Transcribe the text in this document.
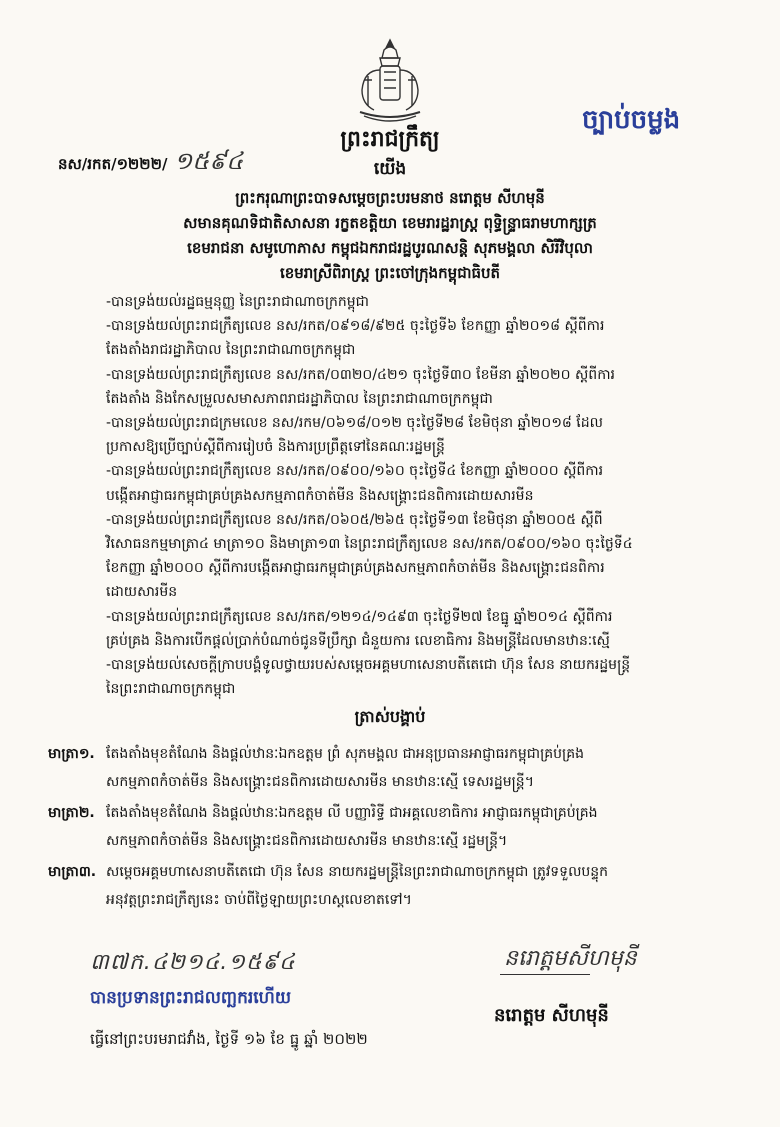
ច្បាប់ចម្លង
ព្រះរាជក្រឹត្យ
នស/រកត/១២២២/ ១៥៩៤	យើង
ព្រះករុណាព្រះបាទសម្ដេចព្រះបរមនាថ នរោត្តម សីហមុនី
សមានគុណទិជាតិសាសនា រក្ខតខត្តិយា ខេមរារដ្ឋរាស្ត្រ ពុទ្ធិន្ទ្រាធរាមហាក្សត្រ
ខេមរាជនា សមូហោភាស កម្ពុជឯករាជរដ្ឋបូរណសន្តិ សុភមង្គលា សិរីវិបុលា
ខេមរាស្រីពិរាស្ត្រ ព្រះចៅក្រុងកម្ពុជាធិបតី

-បានទ្រង់យល់រដ្ឋធម្មនុញ្ញ នៃព្រះរាជាណាចក្រកម្ពុជា

-បានទ្រង់យល់ព្រះរាជក្រឹត្យលេខ នស/រកត/០៩១៨/៩២៥ ចុះថ្ងៃទី៦ ខែកញ្ញា ឆ្នាំ២០១៨ ស្តីពីការ

តែងតាំងរាជរដ្ឋាភិបាល នៃព្រះរាជាណាចក្រកម្ពុជា

-បានទ្រង់យល់ព្រះរាជក្រឹត្យលេខ នស/រកត/០៣២០/៤២១ ចុះថ្ងៃទី៣០ ខែមីនា ឆ្នាំ២០២០ ស្តីពីការ

តែងតាំង និងកែសម្រួលសមាសភាពរាជរដ្ឋាភិបាល នៃព្រះរាជាណាចក្រកម្ពុជា

-បានទ្រង់យល់ព្រះរាជក្រមលេខ នស/រកម/០៦១៨/០១២ ចុះថ្ងៃទី២៨ ខែមិថុនា ឆ្នាំ២០១៨ ដែល

ប្រកាសឱ្យប្រើច្បាប់ស្តីពីការរៀបចំ និងការប្រព្រឹត្តទៅនៃគណៈរដ្ឋមន្ត្រី

-បានទ្រង់យល់ព្រះរាជក្រឹត្យលេខ នស/រកត/០៩០០/១៦០ ចុះថ្ងៃទី៤ ខែកញ្ញា ឆ្នាំ២០០០ ស្តីពីការ

បង្កើតអាជ្ញាធរកម្ពុជាគ្រប់គ្រងសកម្មភាពកំចាត់មីន និងសង្គ្រោះជនពិការដោយសារមីន

-បានទ្រង់យល់ព្រះរាជក្រឹត្យលេខ នស/រកត/០៦០៥/២៦៥ ចុះថ្ងៃទី១៣ ខែមិថុនា ឆ្នាំ២០០៥ ស្តីពី

វិសោធនកម្មមាត្រា៤ មាត្រា១០ និងមាត្រា១៣ នៃព្រះរាជក្រឹត្យលេខ នស/រកត/០៩០០/១៦០ ចុះថ្ងៃទី៤

ខែកញ្ញា ឆ្នាំ២០០០ ស្តីពីការបង្កើតអាជ្ញាធរកម្ពុជាគ្រប់គ្រងសកម្មភាពកំចាត់មីន និងសង្គ្រោះជនពិការ

ដោយសារមីន

-បានទ្រង់យល់ព្រះរាជក្រឹត្យលេខ នស/រកត/១២១៤/១៤៩៣ ចុះថ្ងៃទី២៧ ខែធ្នូ ឆ្នាំ២០១៤ ស្តីពីការ

គ្រប់គ្រង និងការបើកផ្តល់ប្រាក់បំណាច់ជូនទីប្រឹក្សា ជំនួយការ លេខាធិការ និងមន្ត្រីដែលមានឋានៈស្មើ

-បានទ្រង់យល់សេចក្តីក្រាបបង្គំទូលថ្វាយរបស់សម្តេចអគ្គមហាសេនាបតីតេជោ ហ៊ុន សែន នាយករដ្ឋមន្ត្រី

នៃព្រះរាជាណាចក្រកម្ពុជា

ត្រាស់បង្គាប់
មាត្រា១. តែងតាំងមុខតំណែង និងផ្តល់ឋានៈឯកឧត្តម ព្រំ សុភមង្គល ជាអនុប្រធានអាជ្ញាធរកម្ពុជាគ្រប់គ្រង
សកម្មភាពកំចាត់មីន និងសង្គ្រោះជនពិការដោយសារមីន មានឋានៈស្មើ ទេសរដ្ឋមន្ត្រី។
មាត្រា២. តែងតាំងមុខតំណែង និងផ្តល់ឋានៈឯកឧត្តម លី បញ្ញារិទ្ធី ជាអគ្គលេខាធិការ អាជ្ញាធរកម្ពុជាគ្រប់គ្រង
សកម្មភាពកំចាត់មីន និងសង្គ្រោះជនពិការដោយសារមីន មានឋានៈស្មើ រដ្ឋមន្ត្រី។
មាត្រា៣. សម្តេចអគ្គមហាសេនាបតីតេជោ ហ៊ុន សែន នាយករដ្ឋមន្ត្រីនៃព្រះរាជាណាចក្រកម្ពុជា ត្រូវទទួលបន្ទុក
អនុវត្តព្រះរាជក្រឹត្យនេះ ចាប់ពីថ្ងៃឡាយព្រះហស្តលេខាតទៅ។
៣៧ក.៤២១៤.១៥៩៤
បានប្រទានព្រះរាជលញ្ឆករហើយ
ធ្វើនៅព្រះបរមរាជវាំង, ថ្ងៃទី ១៦ ខែ ធ្នូ ឆ្នាំ ២០២២
នរោត្តមសីហមុនី
នរោត្តម សីហមុនី
